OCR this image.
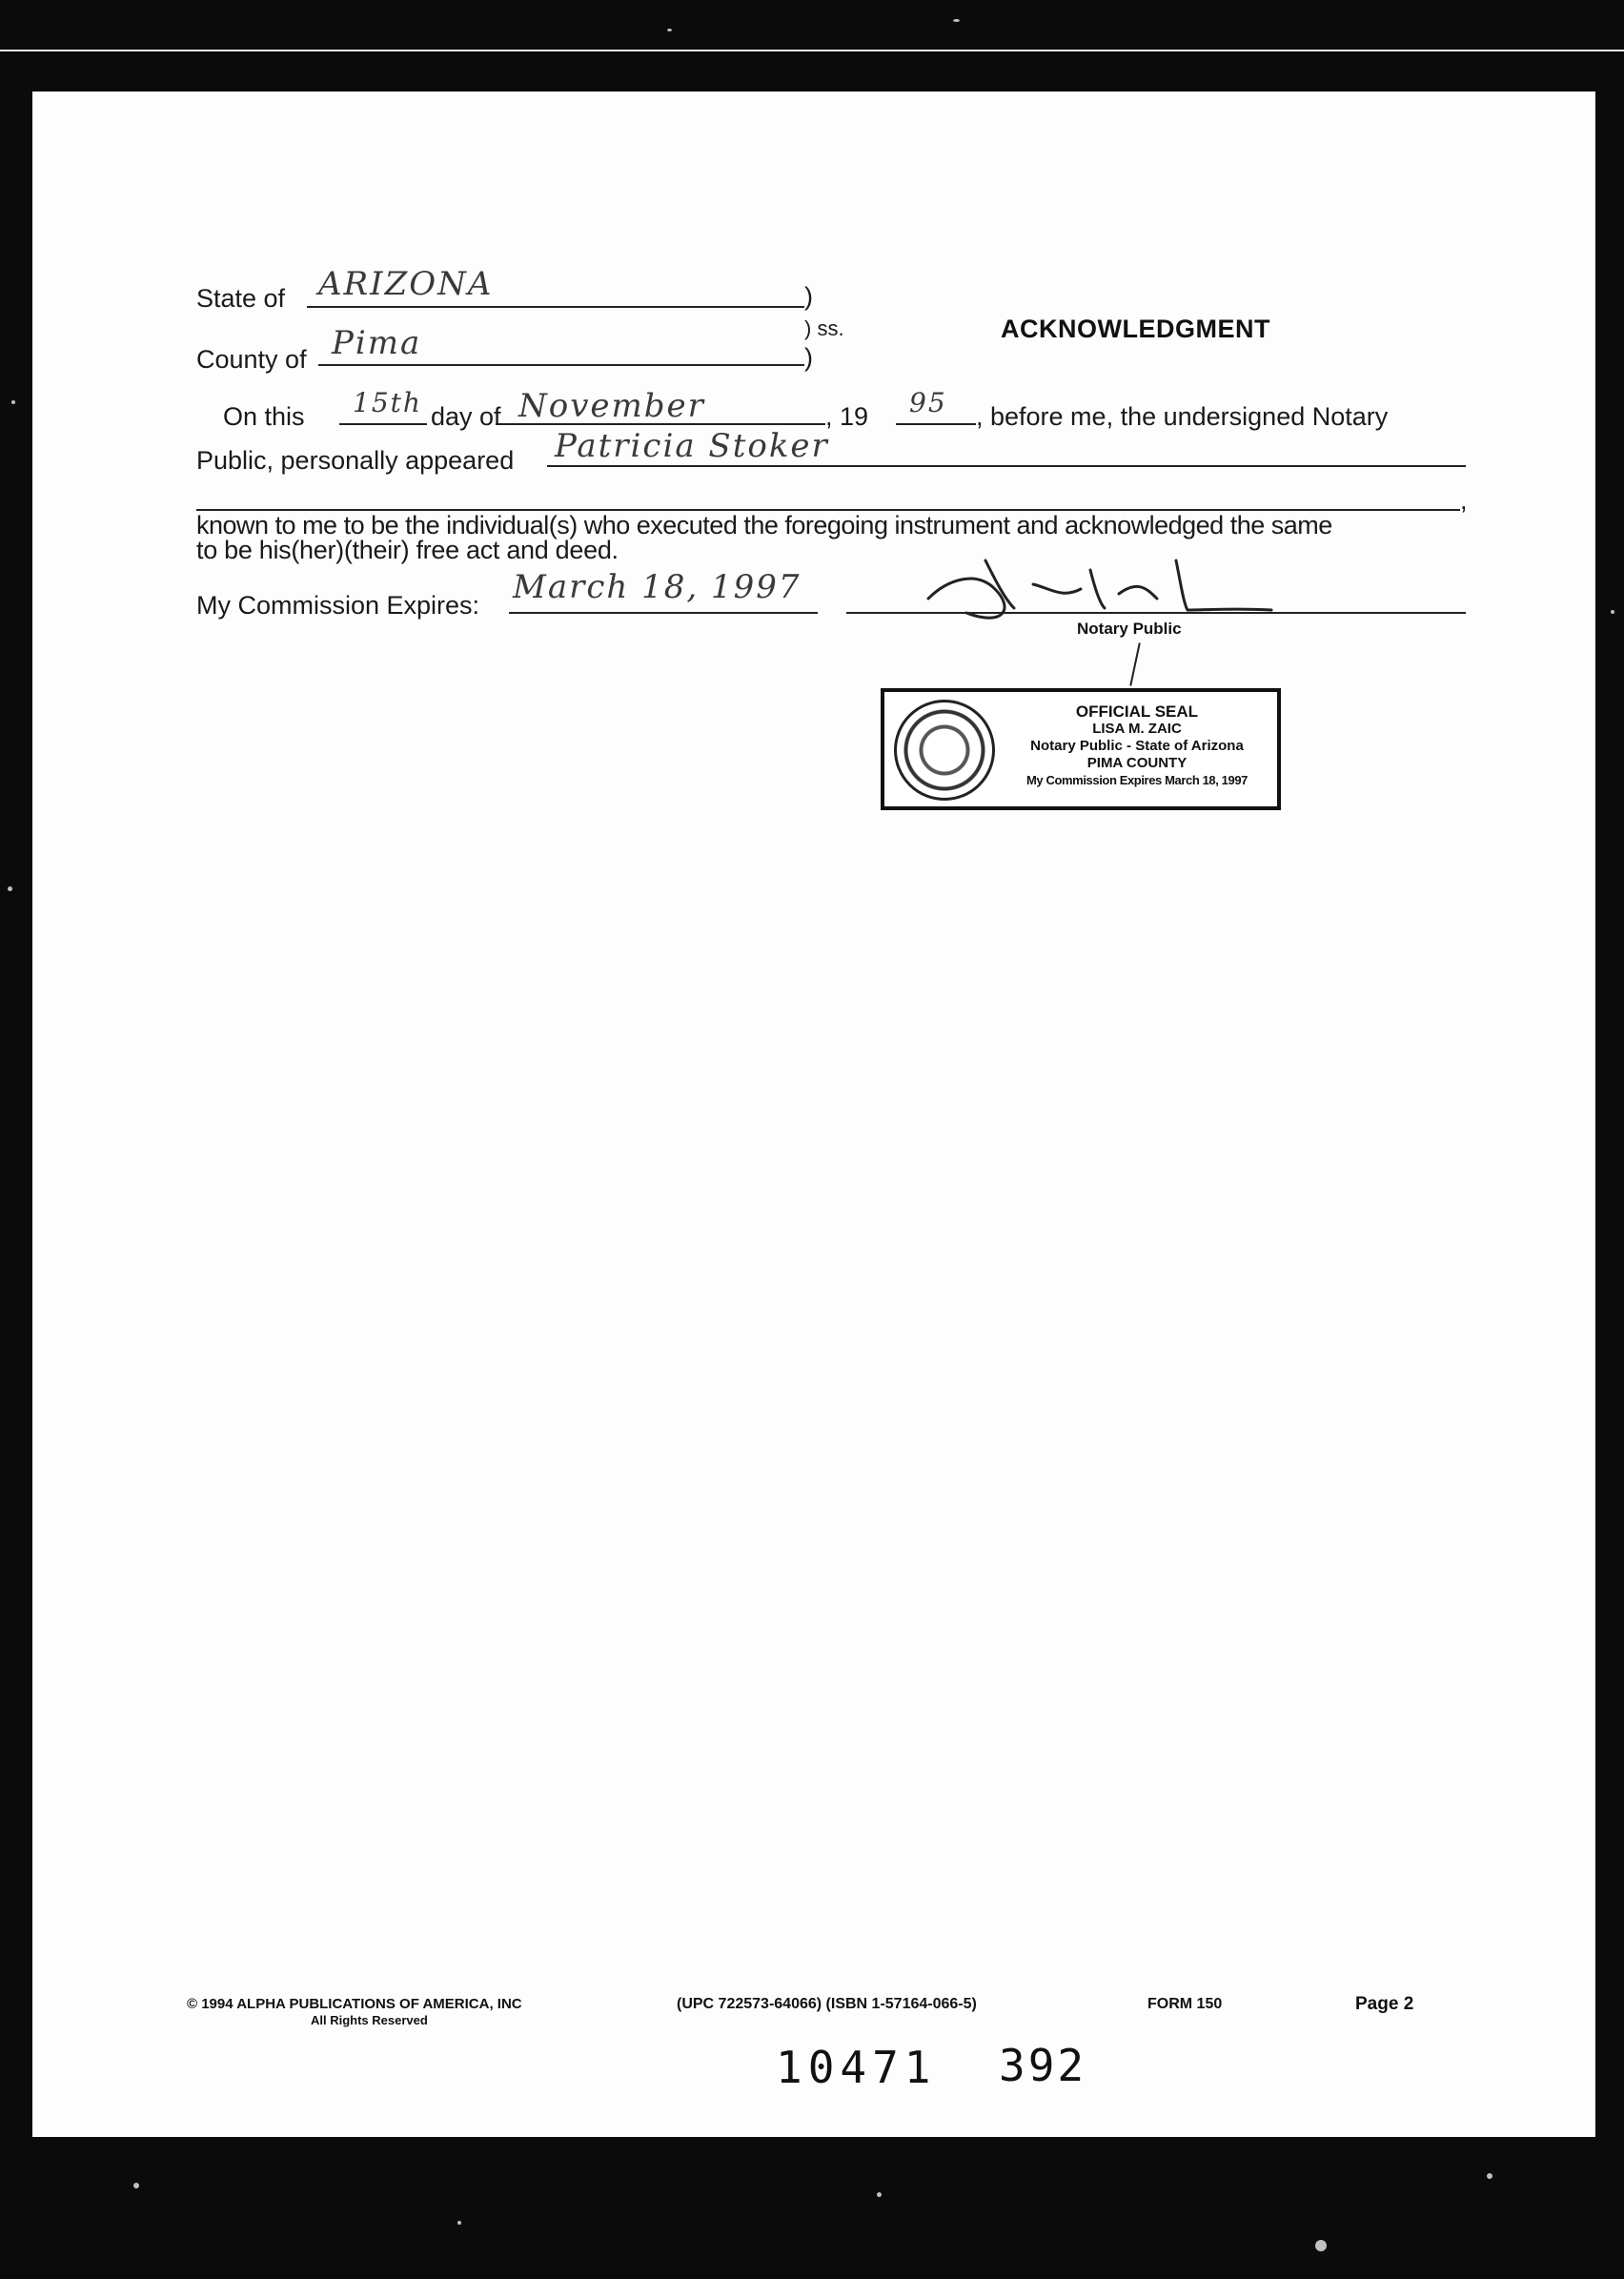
State of ARIZONA	)
) ss.	ACKNOWLEDGMENT
County of Pima	)
On this 15th day of November	, 19 95 , before me, the undersigned Notary
Public, personally appeared Patricia Stoker
,
known to me to be the individual(s) who executed the foregoing instrument and acknowledged the same
to be his(her)(their) free act and deed.
My Commission Expires: March 18, 1997
Notary Public
OFFICIAL SEAL
LISA M. ZAIC
Notary Public - State of Arizona
PIMA COUNTY
My Commission Expires March 18, 1997
© 1994 ALPHA PUBLICATIONS OF AMERICA, INC
All Rights Reserved
(UPC 722573-64066) (ISBN 1-57164-066-5)	FORM 150	Page 2
10471 392
